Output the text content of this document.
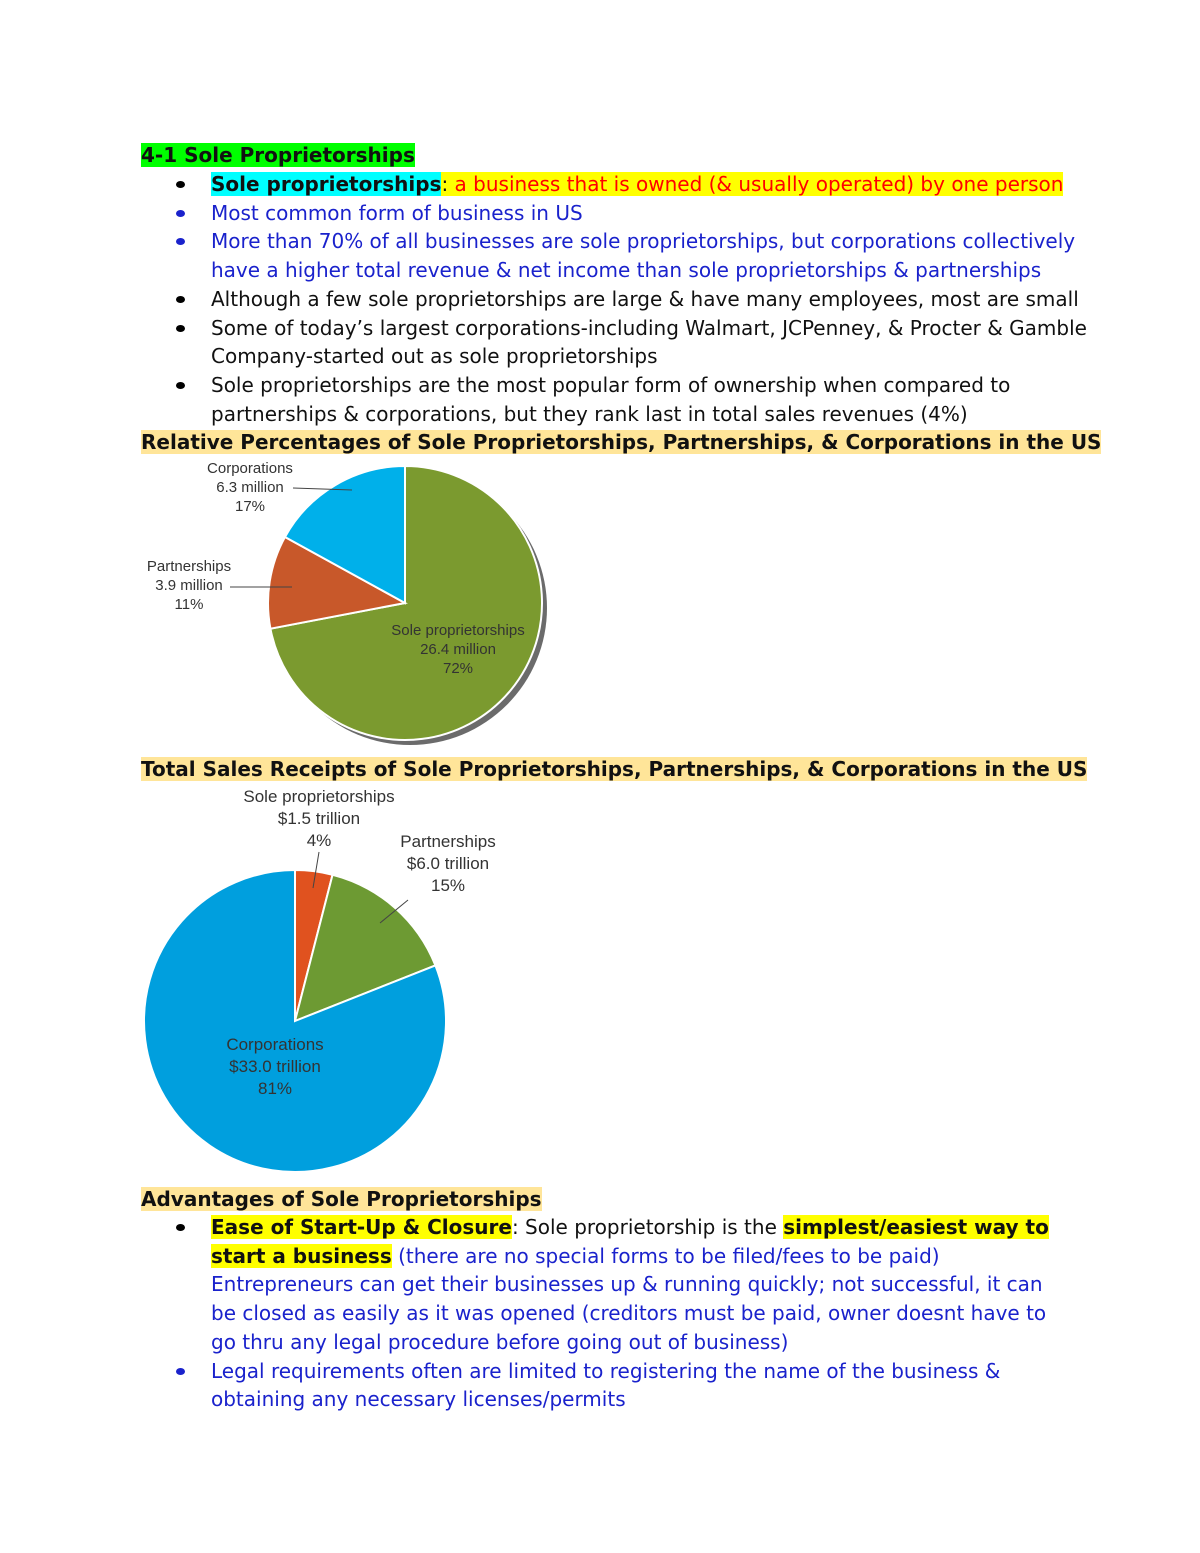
4-1 Sole Proprietorships
Sole proprietorships: a business that is owned (& usually operated) by one person
Most common form of business in US
More than 70% of all businesses are sole proprietorships, but corporations collectively have a higher total revenue & net income than sole proprietorships & partnerships
Although a few sole proprietorships are large & have many employees, most are small
Some of today’s largest corporations-including Walmart, JCPenney, & Procter & Gamble Company-started out as sole proprietorships
Sole proprietorships are the most popular form of ownership when compared to partnerships & corporations, but they rank last in total sales revenues (4%)
Relative Percentages of Sole Proprietorships, Partnerships, & Corporations in the US
Sole proprietorships 26.4 million 72%
Partnerships 3.9 million 11%
Corporations 6.3 million 17%
Total Sales Receipts of Sole Proprietorships, Partnerships, & Corporations in the US
Sole proprietorships $1.5 trillion 4%	Partnerships $6.0 trillion 15%
Corporations $33.0 trillion 81%
Advantages of Sole Proprietorships
Ease of Start-Up & Closure: Sole proprietorship is the simplest/easiest way to start a business (there are no special forms to be filed/fees to be paid) Entrepreneurs can get their businesses up & running quickly; not successful, it can be closed as easily as it was opened (creditors must be paid, owner doesnt have to go thru any legal procedure before going out of business)
Legal requirements often are limited to registering the name of the business & obtaining any necessary licenses/permits
